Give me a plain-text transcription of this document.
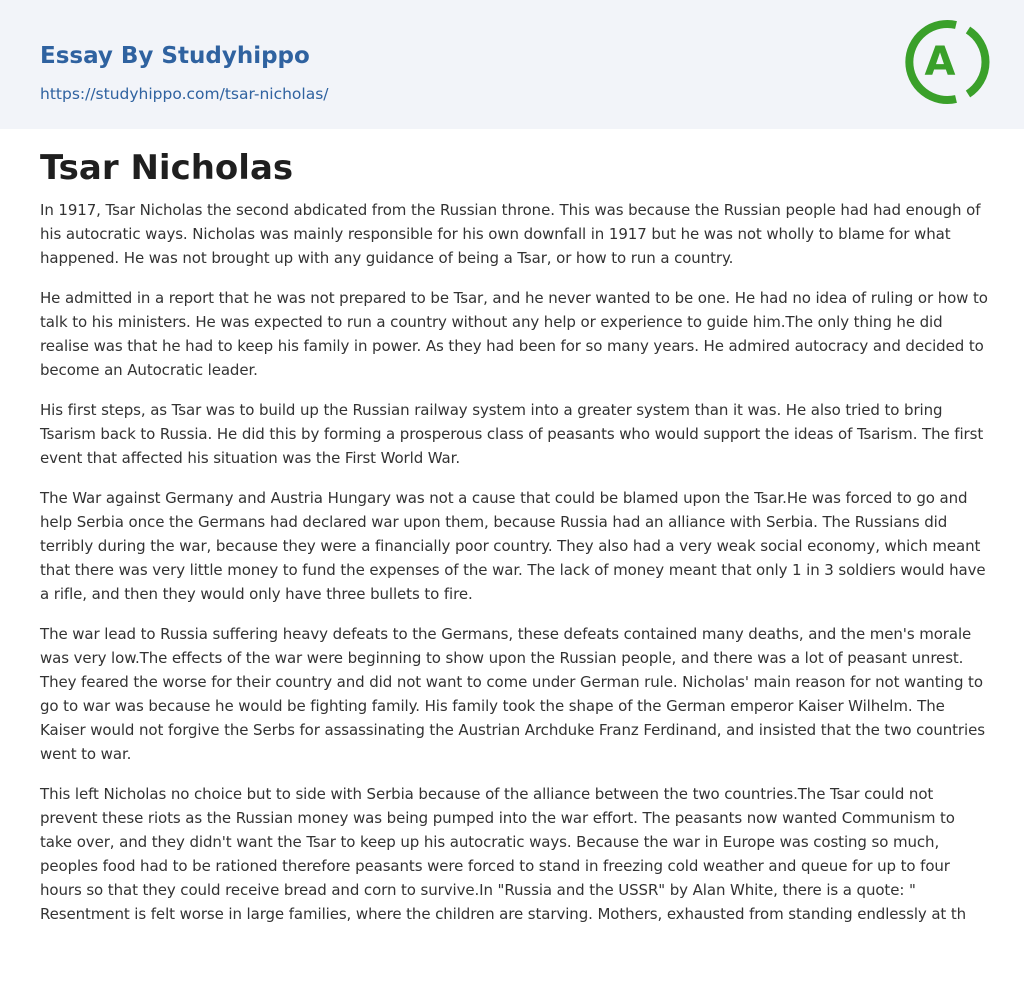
Essay By Studyhippo
https://studyhippo.com/tsar-nicholas/
A
Tsar Nicholas

In 1917, Tsar Nicholas the second abdicated from the Russian throne. This was because the Russian people had had enough of his autocratic ways. Nicholas was mainly responsible for his own downfall in 1917 but he was not wholly to blame for what happened. He was not brought up with any guidance of being a Tsar, or how to run a country.

He admitted in a report that he was not prepared to be Tsar, and he never wanted to be one. He had no idea of ruling or how to talk to his ministers. He was expected to run a country without any help or experience to guide him.The only thing he did realise was that he had to keep his family in power. As they had been for so many years. He admired autocracy and decided to become an Autocratic leader.

His first steps, as Tsar was to build up the Russian railway system into a greater system than it was. He also tried to bring Tsarism back to Russia. He did this by forming a prosperous class of peasants who would support the ideas of Tsarism. The first event that affected his situation was the First World War.

The War against Germany and Austria Hungary was not a cause that could be blamed upon the Tsar.He was forced to go and help Serbia once the Germans had declared war upon them, because Russia had an alliance with Serbia. The Russians did terribly during the war, because they were a financially poor country. They also had a very weak social economy, which meant that there was very little money to fund the expenses of the war. The lack of money meant that only 1 in 3 soldiers would have a rifle, and then they would only have three bullets to fire.

The war lead to Russia suffering heavy defeats to the Germans, these defeats contained many deaths, and the men's morale was very low.The effects of the war were beginning to show upon the Russian people, and there was a lot of peasant unrest. They feared the worse for their country and did not want to come under German rule. Nicholas' main reason for not wanting to go to war was because he would be fighting family. His family took the shape of the German emperor Kaiser Wilhelm. The Kaiser would not forgive the Serbs for assassinating the Austrian Archduke Franz Ferdinand, and insisted that the two countries went to war.

This left Nicholas no choice but to side with Serbia because of the alliance between the two countries.The Tsar could not prevent these riots as the Russian money was being pumped into the war effort. The peasants now wanted Communism to take over, and they didn't want the Tsar to keep up his autocratic ways. Because the war in Europe was costing so much, peoples food had to be rationed therefore peasants were forced to stand in freezing cold weather and queue for up to four hours so that they could receive bread and corn to survive.In "Russia and the USSR" by Alan White, there is a quote: " Resentment is felt worse in large families, where the children are starving. Mothers, exhausted from standing endlessly at th
